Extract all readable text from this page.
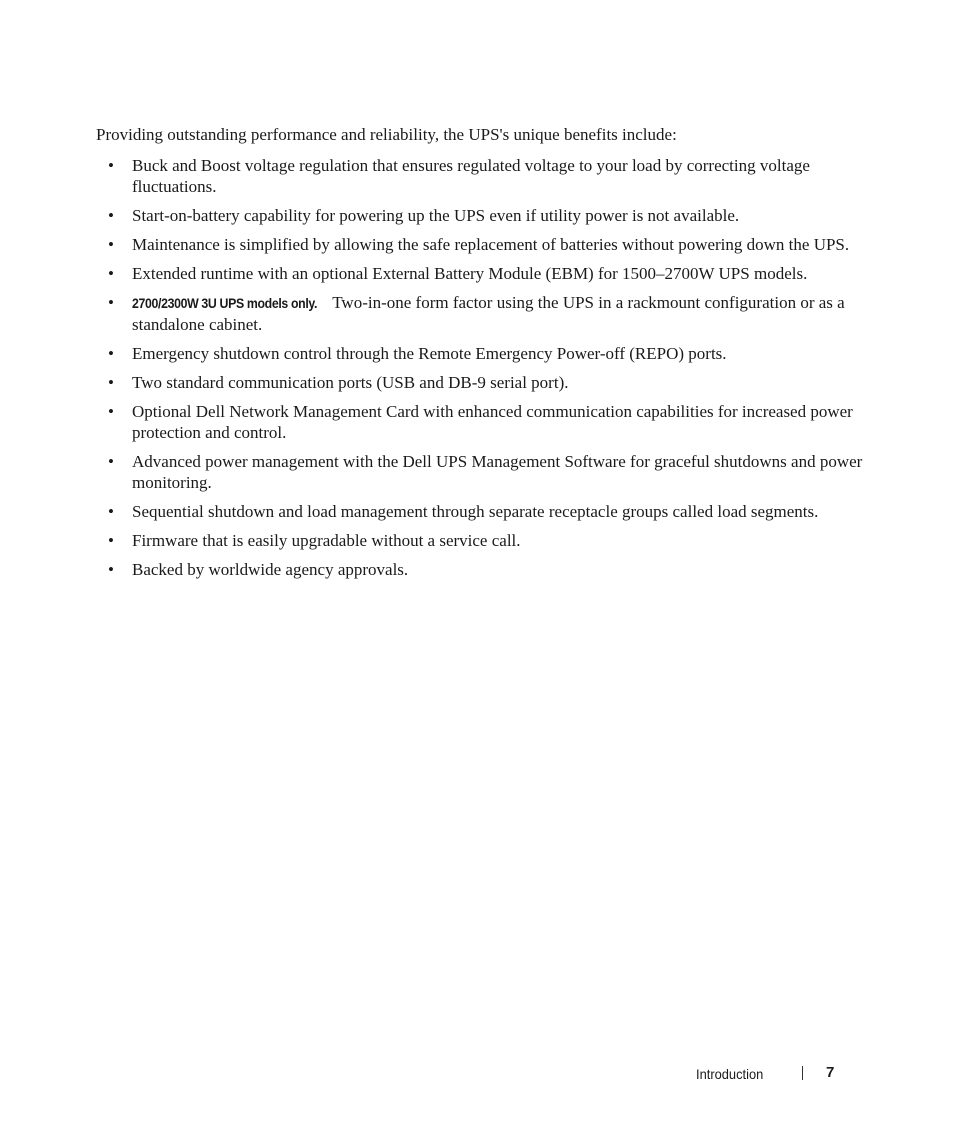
Providing outstanding performance and reliability, the UPS's unique benefits include:

•	Buck and Boost voltage regulation that ensures regulated voltage to your load by correcting voltage fluctuations.
•	Start-on-battery capability for powering up the UPS even if utility power is not available.
•	Maintenance is simplified by allowing the safe replacement of batteries without powering down the UPS.
•	Extended runtime with an optional External Battery Module (EBM) for 1500–2700W UPS models.
•	2700/2300W 3U UPS models only. Two-in-one form factor using the UPS in a rackmount configuration or as a standalone cabinet.
•	Emergency shutdown control through the Remote Emergency Power-off (REPO) ports.
•	Two standard communication ports (USB and DB-9 serial port).
•	Optional Dell Network Management Card with enhanced communication capabilities for increased power protection and control.
•	Advanced power management with the Dell UPS Management Software for graceful shutdowns and power monitoring.
•	Sequential shutdown and load management through separate receptacle groups called load segments.
•	Firmware that is easily upgradable without a service call.
•	Backed by worldwide agency approvals.
Introduction	7
